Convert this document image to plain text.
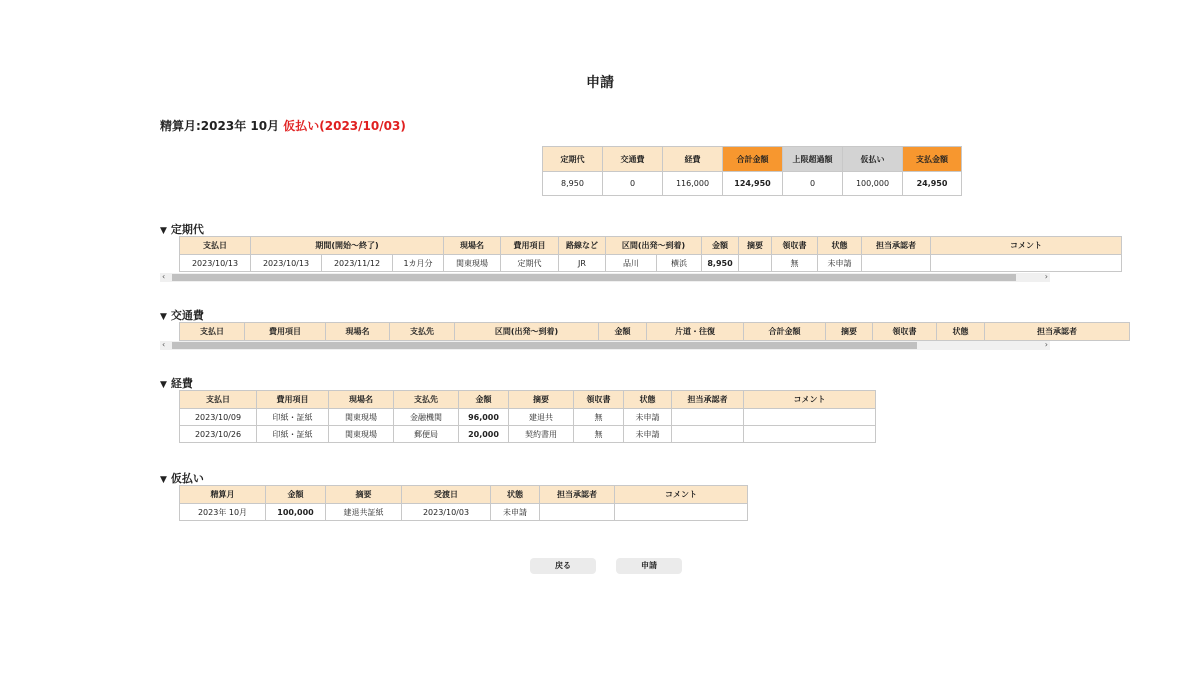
申請
精算月:2023年 10月 仮払い(2023/10/03)
定期代	交通費	経費	合計金額	上限超過額	仮払い	支払金額
8,950	0	116,000	124,950	0	100,000	24,950
▼ 定期代
支払日	期間(開始～終了)			現場名	費用項目	路線など	区間(出発～到着)		金額	摘要	領収書	状態	担当承認者	コメント
2023/10/13	2023/10/13	2023/11/12	1カ月分	関東現場	定期代	JR	品川	横浜	8,950		無	未申請		
‹	›
▼ 交通費
支払日	費用項目	現場名	支払先	区間(出発～到着)	金額	片道・往復	合計金額	摘要	領収書	状態	担当承認者
‹	›
▼ 経費
支払日	費用項目	現場名	支払先	金額	摘要	領収書	状態	担当承認者	コメント
2023/10/09	印紙・証紙	関東現場	金融機関	96,000	建退共	無	未申請		
2023/10/26	印紙・証紙	関東現場	郵便局	20,000	契約書用	無	未申請		
▼ 仮払い
精算月	金額	摘要	受渡日	状態	担当承認者	コメント
2023年 10月	100,000	建退共証紙	2023/10/03	未申請		
戻る	申請
